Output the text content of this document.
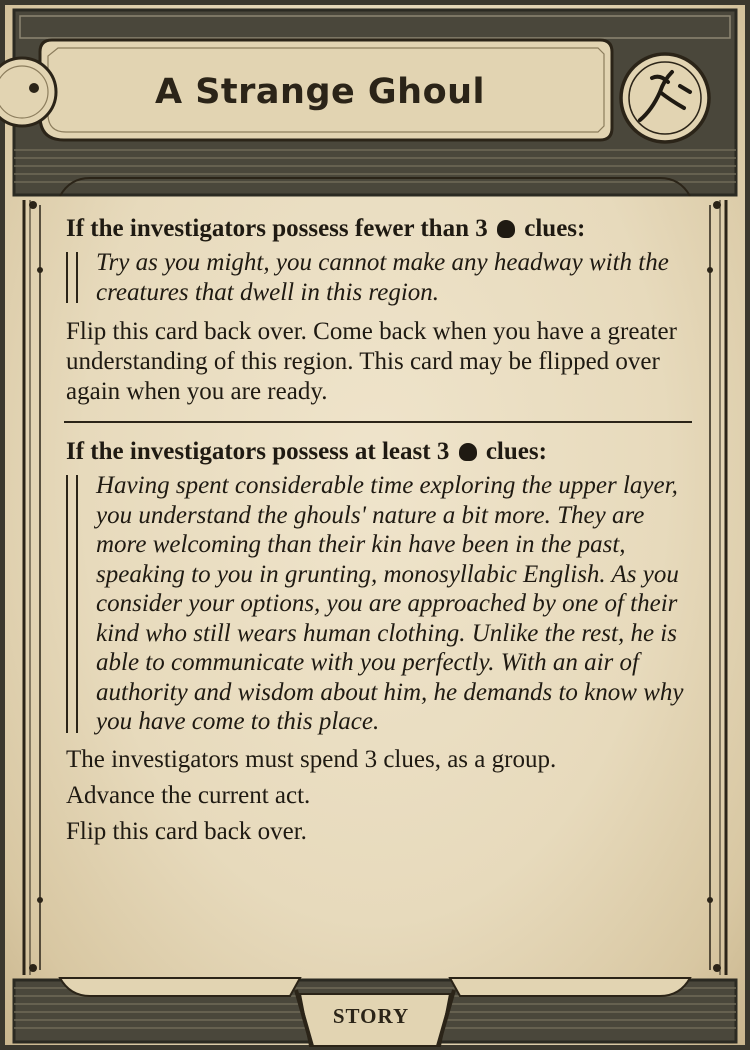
A Strange Ghoul

If the investigators possess fewer than 3 clues:

Try as you might, you cannot make any headway with the creatures that dwell in this region.

Flip this card back over. Come back when you have a greater understanding of this region. This card may be flipped over again when you are ready.

If the investigators possess at least 3 clues:

Having spent considerable time exploring the upper layer, you understand the ghouls' nature a bit more. They are more welcoming than their kin have been in the past, speaking to you in grunting, monosyllabic English. As you consider your options, you are approached by one of their kind who still wears human clothing. Unlike the rest, he is able to communicate with you perfectly. With an air of authority and wisdom about him, he demands to know why you have come to this place.

The investigators must spend 3 clues, as a group.

Advance the current act.

Flip this card back over.

STORY
